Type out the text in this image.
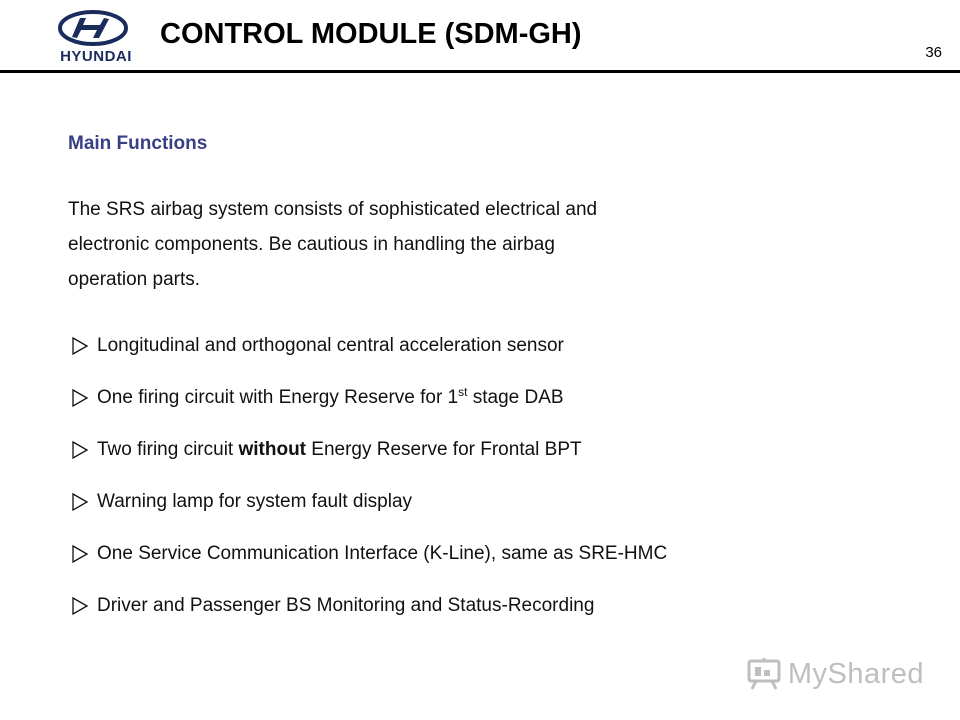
HYUNDAI
CONTROL MODULE (SDM-GH)
36
Main Functions
The SRS airbag system consists of sophisticated electrical and
electronic components. Be cautious in handling the airbag
operation parts.
Longitudinal and orthogonal central acceleration sensor
One firing circuit with Energy Reserve for 1st stage DAB
Two firing circuit without Energy Reserve for Frontal BPT
Warning lamp for system fault display
One Service Communication Interface (K-Line), same as SRE-HMC
Driver and Passenger BS Monitoring and Status-Recording
MyShared
